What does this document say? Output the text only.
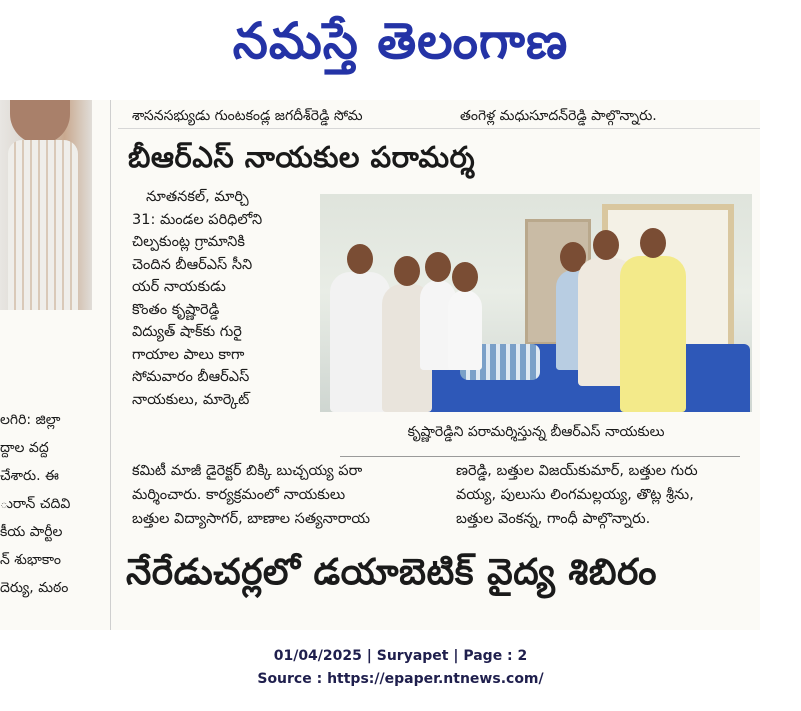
నమస్తే తెలంగాణ
శాసనసభ్యుడు గుంటకండ్ల జగదీశ్‌రెడ్డి సోమ	తంగెళ్ల మధుసూదన్‌రెడ్డి పాల్గొన్నారు.
బీఆర్‌ఎస్‌ నాయకుల పరామర్శ
నూతనకల్‌, మార్చి
31: మండల పరిధిలోని
చిల్పకుంట్ల గ్రామానికి
చెందిన బీఆర్‌ఎస్‌ సీని
యర్‌ నాయకుడు
కొంతం కృష్ణారెడ్డి
విద్యుత్‌ షాక్‌కు గురై
గాయాల పాలు కాగా
సోమవారం బీఆర్‌ఎస్‌
నాయకులు, మార్కెట్‌
కృష్ణారెడ్డిని పరామర్శిస్తున్న బీఆర్‌ఎస్‌ నాయకులు
కమిటీ మాజీ డైరెక్టర్‌ బిక్కి బుచ్చయ్య పరా
మర్శించారు. కార్యక్రమంలో నాయకులు
బత్తుల విద్యాసాగర్‌, బాణాల సత్యనారాయ
ణరెడ్డి, బత్తుల విజయ్‌కుమార్‌, బత్తుల గురు
వయ్య, పులుసు లింగమల్లయ్య, తొట్ల శ్రీను,
బత్తుల వెంకన్న, గాంధీ పాల్గొన్నారు.
లగిరి: జిల్లా
ద్దాల వద్ద
చేశారు. ఈ
ురాన్‌ చదివి
కీయ పార్టీల
న్‌ శుభాకాం
దెర్యు, మఠం	నేరేడుచర్లలో డయాబెటిక్‌ వైద్య శిబిరం
01/04/2025 | Suryapet | Page : 2
Source : https://epaper.ntnews.com/
